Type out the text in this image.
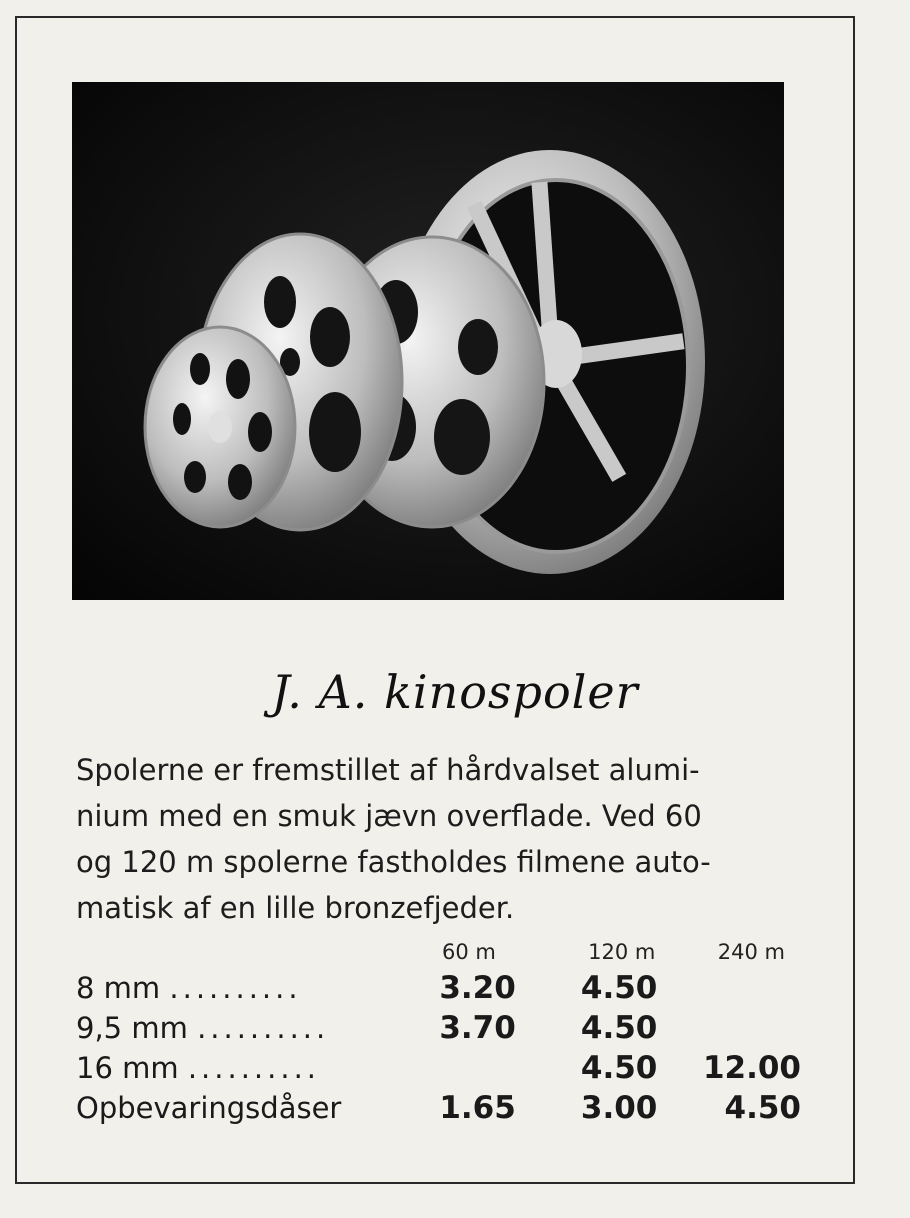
J. A. kinospoler

Spolerne er fremstillet af hårdvalset alumi-

nium med en smuk jævn overflade. Ved 60

og 120 m spolerne fastholdes filmene auto-

matisk af en lille bronzefjeder.

	60 m	120 m	240 m
8 mm ..........	3.20	4.50	
9,5 mm ..........	3.70	4.50	
16 mm ..........		4.50	12.00
Opbevaringsdåser	1.65	3.00	4.50
